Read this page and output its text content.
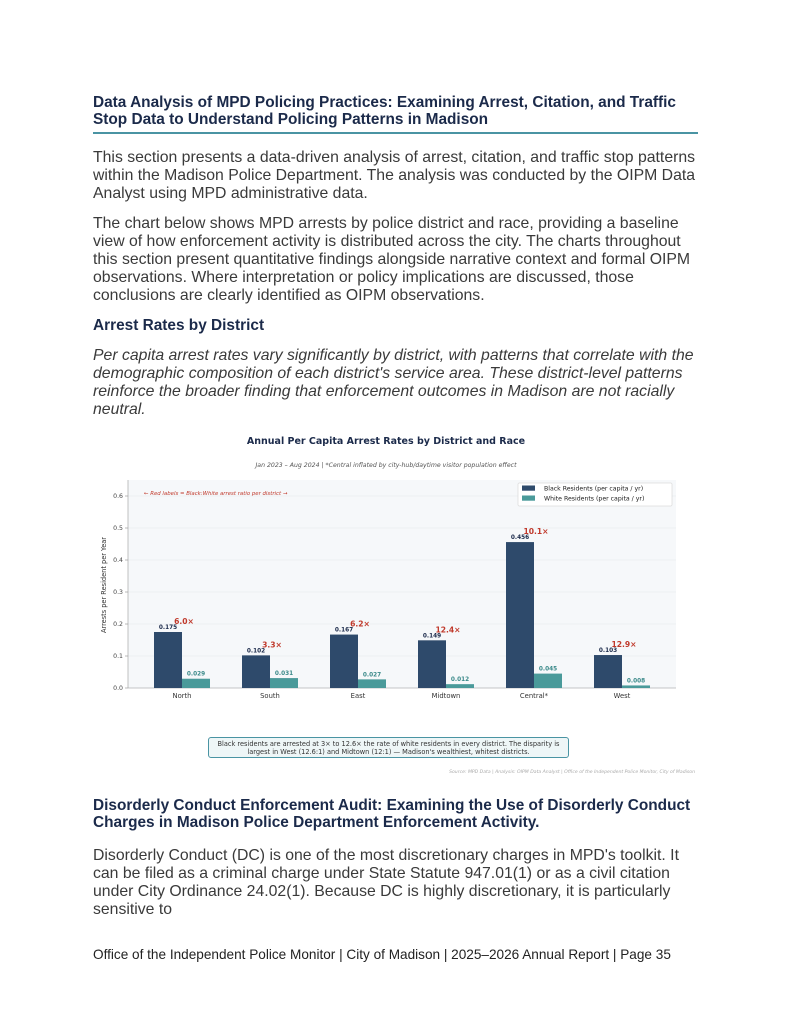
Data Analysis of MPD Policing Practices: Examining Arrest, Citation, and Traffic Stop Data to Understand Policing Patterns in Madison

This section presents a data-driven analysis of arrest, citation, and traffic stop patterns within the Madison Police Department. The analysis was conducted by the OIPM Data Analyst using MPD administrative data.

The chart below shows MPD arrests by police district and race, providing a baseline view of how enforcement activity is distributed across the city. The charts throughout this section present quantitative findings alongside narrative context and formal OIPM observations. Where interpretation or policy implications are discussed, those conclusions are clearly identified as OIPM observations.

Arrest Rates by District

Per capita arrest rates vary significantly by district, with patterns that correlate with the demographic composition of each district's service area. These district-level patterns reinforce the broader finding that enforcement outcomes in Madison are not racially neutral.

Annual Per Capita Arrest Rates by District and Race
Jan 2023 – Aug 2024 | *Central inflated by city-hub/daytime visitor population effect
0.0
0.1
0.2
0.3
0.4
0.5
0.6
Arrests per Resident per Year
← Red labels = Black:White arrest ratio per district →
0.175
0.029
6.0×
North
0.102
0.031
3.3×
South
0.167
0.027
6.2×
East
0.149
0.012
12.4×
Midtown
0.456
0.045
10.1×
Central*
0.103
0.008
12.9×
West
Black Residents (per capita / yr)
White Residents (per capita / yr)
Black residents are arrested at 3× to 12.6× the rate of white residents in every district. The disparity is largest in West (12.6:1) and Midtown (12:1) — Madison's wealthiest, whitest districts.
Source: MPD Data | Analysis: OIPM Data Analyst | Office of the Independent Police Monitor, City of Madison
Disorderly Conduct Enforcement Audit: Examining the Use of Disorderly Conduct Charges in Madison Police Department Enforcement Activity.

Disorderly Conduct (DC) is one of the most discretionary charges in MPD's toolkit. It can be filed as a criminal charge under State Statute 947.01(1) or as a civil citation under City Ordinance 24.02(1). Because DC is highly discretionary, it is particularly sensitive to

Office of the Independent Police Monitor | City of Madison | 2025–2026 Annual Report | Page 35
